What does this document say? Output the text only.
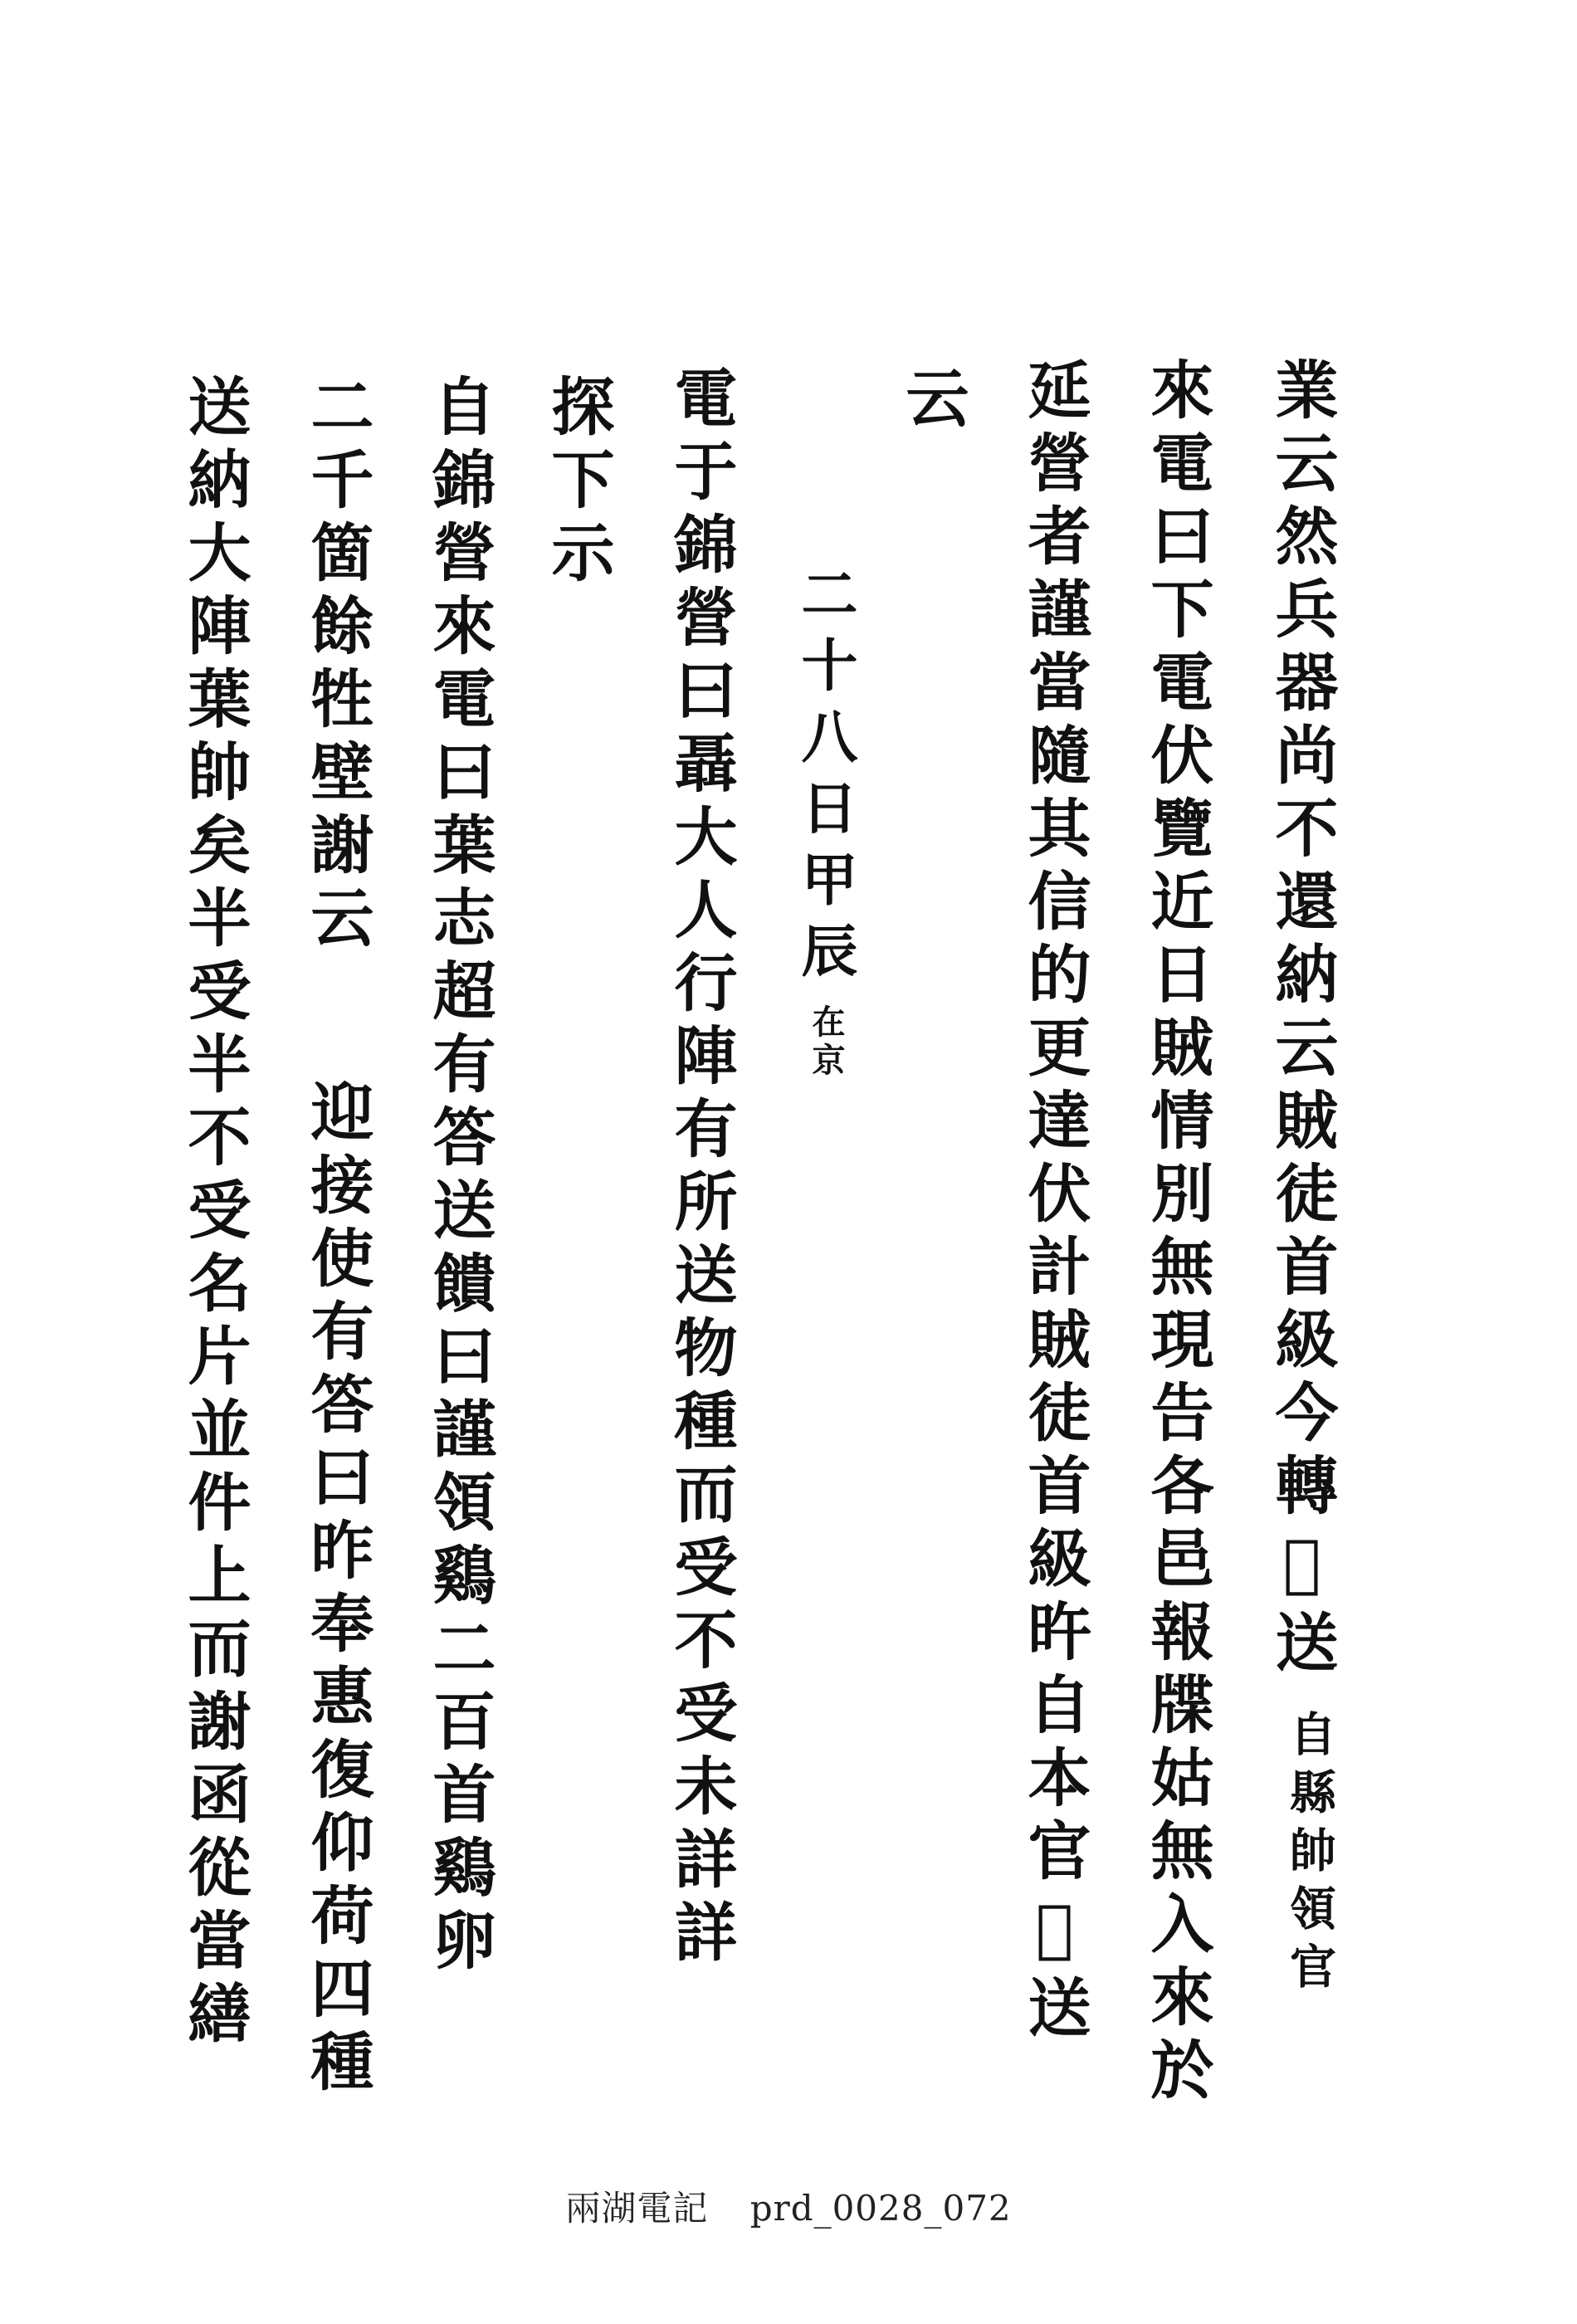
業云然兵器尚不還納云賊徒首級今轉𢩯送
自縣帥領官
來電曰下電伏覽近日賊情別無現告各邑報牒姑無入來於
延營者謹當隨其信的更達伏計賊徒首級旿自本官𢩯送
云
二十八日甲辰
在京
電于錦營曰聶大人行陣有所送物種而受不受未詳詳
探下示
自錦營來電曰葉志超有答送饋曰謹領鷄二百首鷄卵
二千箇餘牲壁謝云
迎接使有答曰昨奉惠復仰荷四種
送納大陣葉帥矣半受半不受名片並件上而謝函從當繕
兩湖電記 prd_0028_072
